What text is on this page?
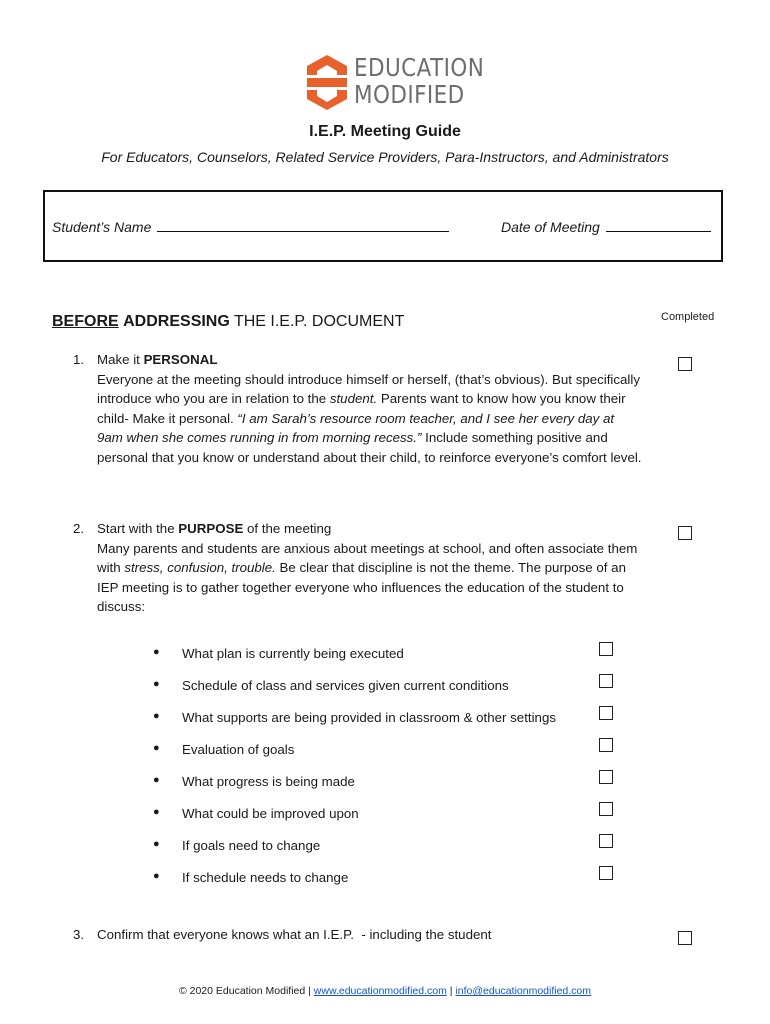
EDUCATION
MODIFIED
I.E.P. Meeting Guide
For Educators, Counselors, Related Service Providers, Para-Instructors, and Administrators
Student’s Name	Date of Meeting
BEFORE ADDRESSING THE I.E.P. DOCUMENT	Completed
1. Make it PERSONAL
Everyone at the meeting should introduce himself or herself, (that’s obvious). But specifically introduce who you are in relation to the student. Parents want to know how you know their child- Make it personal. “I am Sarah’s resource room teacher, and I see her every day at 9am when she comes running in from morning recess.” Include something positive and personal that you know or understand about their child, to reinforce everyone’s comfort level.
2. Start with the PURPOSE of the meeting
Many parents and students are anxious about meetings at school, and often associate them with stress, confusion, trouble. Be clear that discipline is not the theme. The purpose of an IEP meeting is to gather together everyone who influences the education of the student to discuss:
● What plan is currently being executed
● Schedule of class and services given current conditions
● What supports are being provided in classroom & other settings
● Evaluation of goals
● What progress is being made
● What could be improved upon
● If goals need to change
● If schedule needs to change
3. Confirm that everyone knows what an I.E.P.  - including the student
© 2020 Education Modified | www.educationmodified.com | info@educationmodified.com
